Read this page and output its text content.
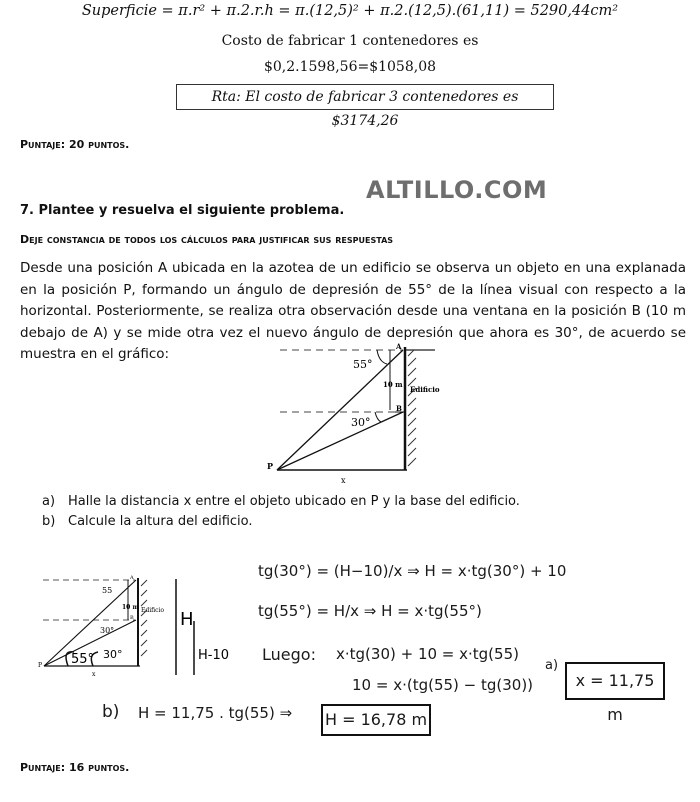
Superficie = π.r² + π.2.r.h = π.(12,5)² + π.2.(12,5).(61,11) = 5290,44cm²
Costo de fabricar 1 contenedores es
$0,2.1598,56=$1058,08
Rta: El costo de fabricar 3 contenedores es $3174,26
Puntaje: 20 puntos.
ALTILLO.COM
7. Plantee y resuelva el siguiente problema.
Deje constancia de todos los cálculos para justificar sus respuestas
Desde una posición A ubicada en la azotea de un edificio se observa un objeto en una explanada en la posición P, formando un ángulo de depresión de 55° de la línea visual con respecto a la horizontal. Posteriormente, se realiza otra observación desde una ventana en la posición B (10 m debajo de A) y se mide otra vez el nuevo ángulo de depresión que ahora es 30°, de acuerdo se muestra en el gráfico:
55°
30°
A
B
P
x
10 m
Edificio
a) Halle la distancia x entre el objeto ubicado en P y la base del edificio.
b) Calcule la altura del edificio.
55
30°
55° 30°
10 m Edificio
P
x
A
B	H
H-10
tg(30°) = (H−10)/x ⇒ H = x·tg(30°) + 10
tg(55°) = H/x ⇒ H = x·tg(55°)
Luego: x·tg(30) + 10 = x·tg(55)
10 = x·(tg(55) − tg(30))
a)
x = 11,75 m
b) H = 11,75 . tg(55) ⇒ H = 16,78 m
Puntaje: 16 puntos.
